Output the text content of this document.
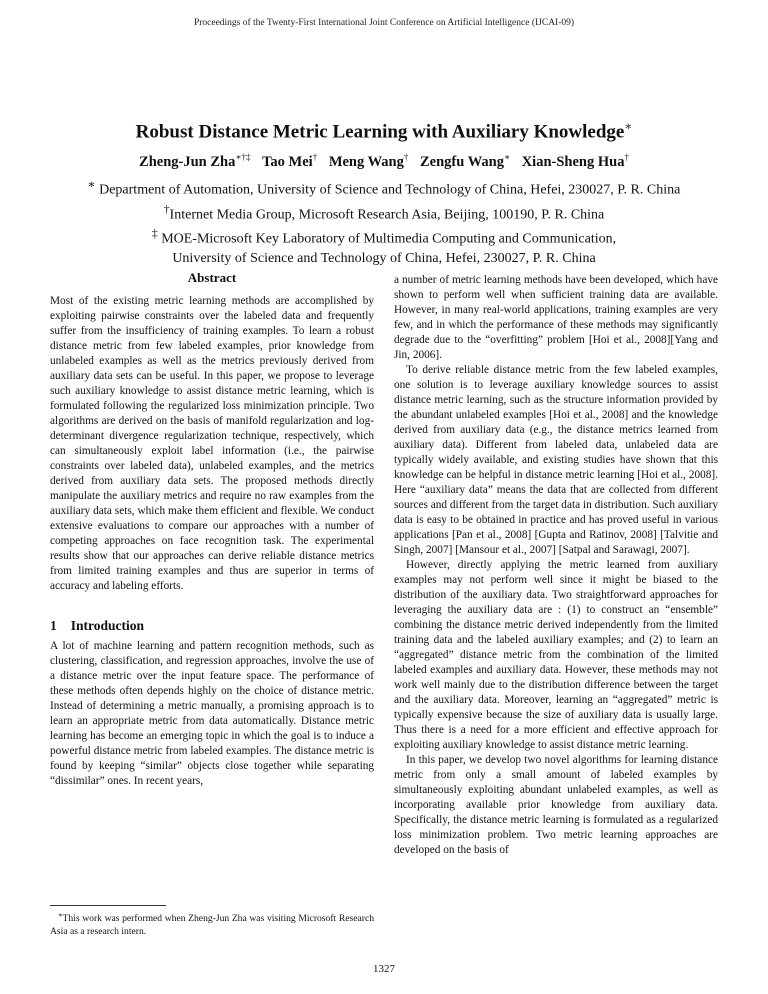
Proceedings of the Twenty-First International Joint Conference on Artificial Intelligence (IJCAI-09)
Robust Distance Metric Learning with Auxiliary Knowledge∗
Zheng-Jun Zha∗†‡ Tao Mei† Meng Wang† Zengfu Wang∗ Xian-Sheng Hua†
∗ Department of Automation, University of Science and Technology of China, Hefei, 230027, P. R. China
†Internet Media Group, Microsoft Research Asia, Beijing, 100190, P. R. China
‡ MOE-Microsoft Key Laboratory of Multimedia Computing and Communication,
University of Science and Technology of China, Hefei, 230027, P. R. China
Abstract

Most of the existing metric learning methods are accomplished by exploiting pairwise constraints over the labeled data and frequently suffer from the insufficiency of training examples. To learn a robust distance metric from few labeled examples, prior knowledge from unlabeled examples as well as the metrics previously derived from auxiliary data sets can be useful. In this paper, we propose to leverage such auxiliary knowledge to assist distance metric learning, which is formulated following the regularized loss minimization principle. Two algorithms are derived on the basis of manifold regularization and log-determinant divergence regularization technique, respectively, which can simultaneously exploit label information (i.e., the pairwise constraints over labeled data), unlabeled examples, and the metrics derived from auxiliary data sets. The proposed methods directly manipulate the auxiliary metrics and require no raw examples from the auxiliary data sets, which make them efficient and flexible. We conduct extensive evaluations to compare our approaches with a number of competing approaches on face recognition task. The experimental results show that our approaches can derive reliable distance metrics from limited training examples and thus are superior in terms of accuracy and labeling efforts.

1 Introduction

A lot of machine learning and pattern recognition methods, such as clustering, classification, and regression approaches, involve the use of a distance metric over the input feature space. The performance of these methods often depends highly on the choice of distance metric. Instead of determining a metric manually, a promising approach is to learn an appropriate metric from data automatically. Distance metric learning has become an emerging topic in which the goal is to induce a powerful distance metric from labeled examples. The distance metric is found by keeping “similar” objects close together while separating “dissimilar” ones. In recent years,

a number of metric learning methods have been developed, which have shown to perform well when sufficient training data are available. However, in many real-world applications, training examples are very few, and in which the performance of these methods may significantly degrade due to the “overfitting” problem [Hoi et al., 2008][Yang and Jin, 2006].

To derive reliable distance metric from the few labeled examples, one solution is to leverage auxiliary knowledge sources to assist distance metric learning, such as the structure information provided by the abundant unlabeled examples [Hoi et al., 2008] and the knowledge derived from auxiliary data (e.g., the distance metrics learned from auxiliary data). Different from labeled data, unlabeled data are typically widely available, and existing studies have shown that this knowledge can be helpful in distance metric learning [Hoi et al., 2008]. Here “auxiliary data” means the data that are collected from different sources and different from the target data in distribution. Such auxiliary data is easy to be obtained in practice and has proved useful in various applications [Pan et al., 2008] [Gupta and Ratinov, 2008] [Talvitie and Singh, 2007] [Mansour et al., 2007] [Satpal and Sarawagi, 2007].

However, directly applying the metric learned from auxiliary examples may not perform well since it might be biased to the distribution of the auxiliary data. Two straightforward approaches for leveraging the auxiliary data are : (1) to construct an “ensemble” combining the distance metric derived independently from the limited training data and the labeled auxiliary examples; and (2) to learn an “aggregated” distance metric from the combination of the limited labeled examples and auxiliary data. However, these methods may not work well mainly due to the distribution difference between the target and the auxiliary data. Moreover, learning an “aggregated” metric is typically expensive because the size of auxiliary data is usually large. Thus there is a need for a more efficient and effective approach for exploiting auxiliary knowledge to assist distance metric learning.

In this paper, we develop two novel algorithms for learning distance metric from only a small amount of labeled examples by simultaneously exploiting abundant unlabeled examples, as well as incorporating available prior knowledge from auxiliary data. Specifically, the distance metric learning is formulated as a regularized loss minimization problem. Two metric learning approaches are developed on the basis of

∗This work was performed when Zheng-Jun Zha was visiting Microsoft Research Asia as a research intern.
1327
